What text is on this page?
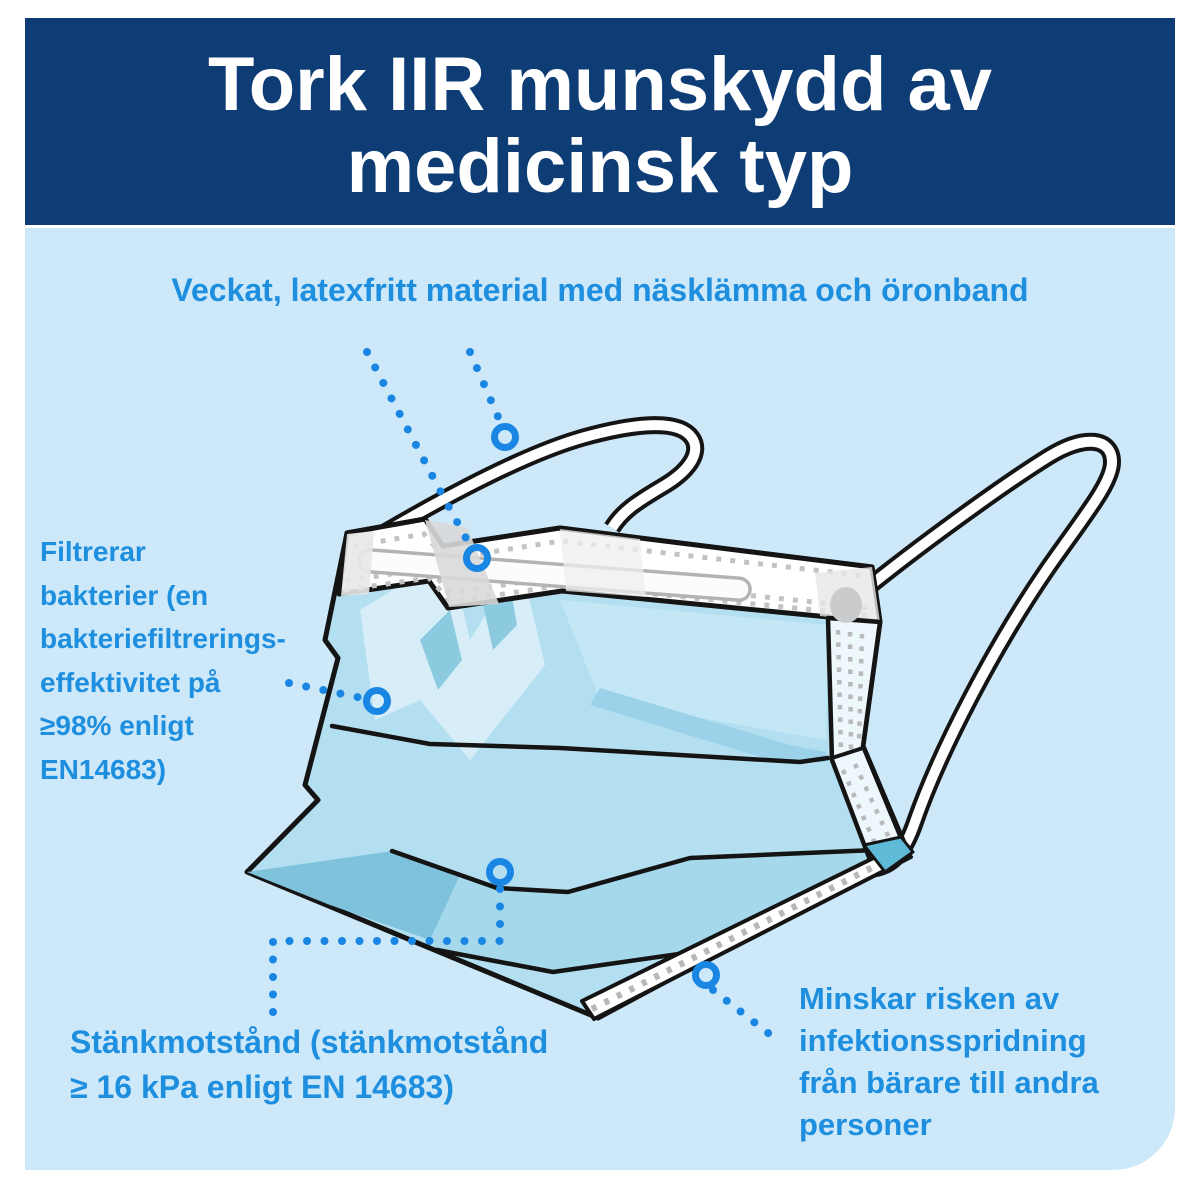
Tork IIR munskydd av
medicinsk typ
Veckat, latexfritt material med näsklämma och öronband
Filtrerar
bakterier (en
bakteriefiltrerings-
effektivitet på
≥98% enligt
EN14683)
Stänkmotstånd (stänkmotstånd
≥ 16 kPa enligt EN 14683)
Minskar risken av
infektionsspridning
från bärare till andra
personer
